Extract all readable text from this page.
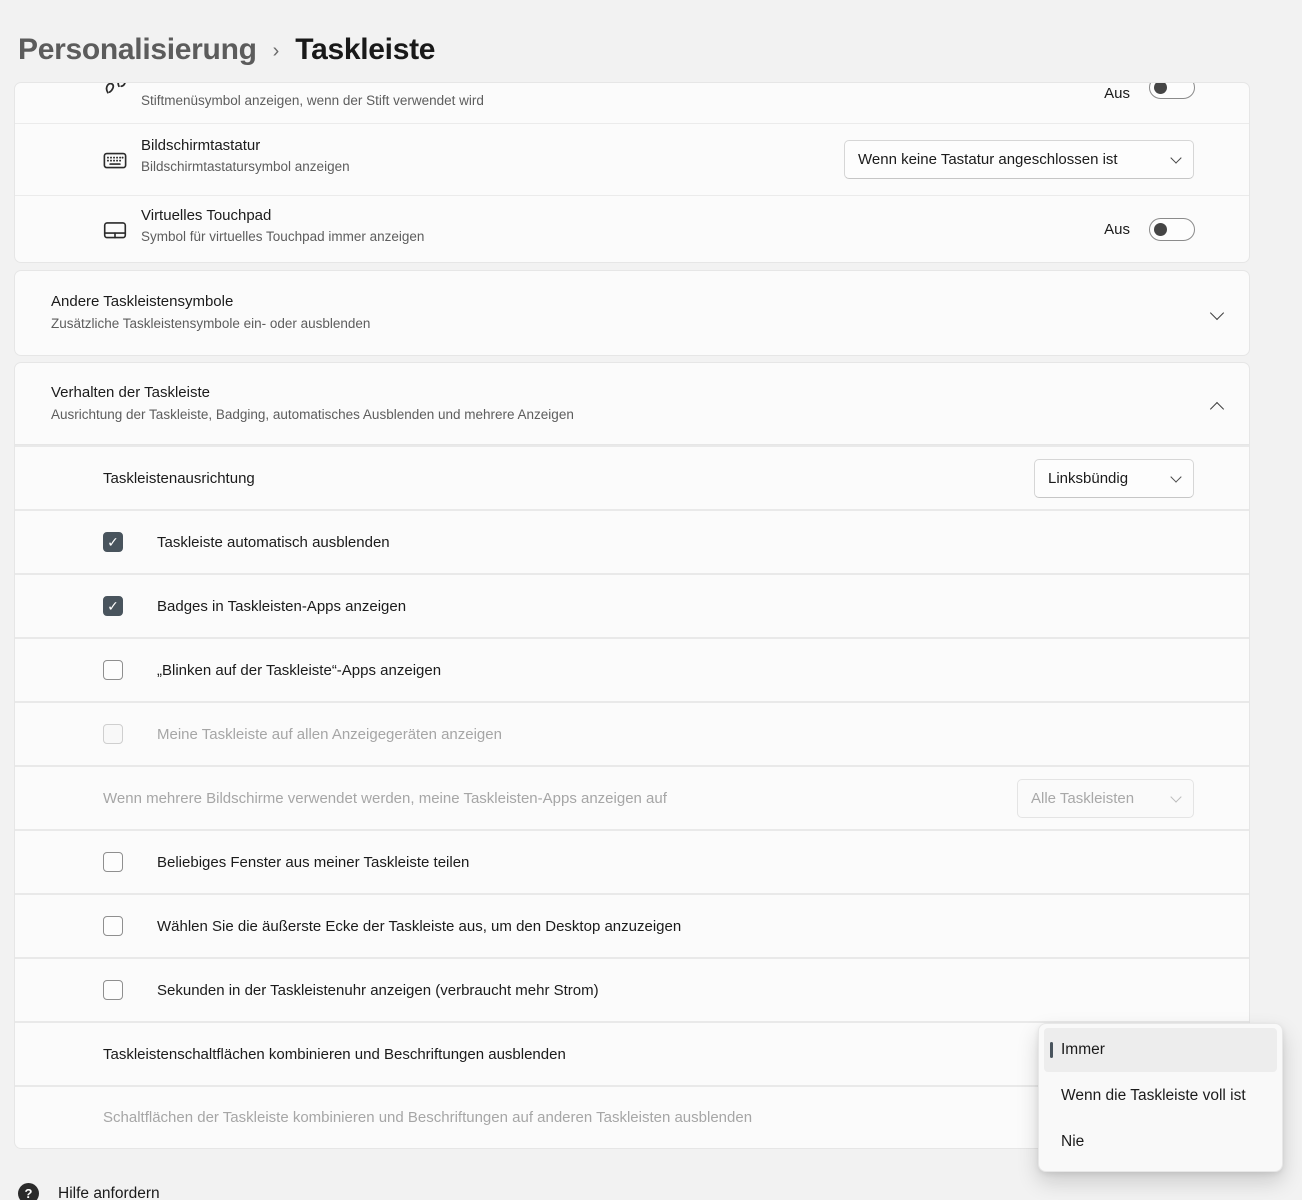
Personalisierung › Taskleiste
Stiftmenüsymbol anzeigen, wenn der Stift verwendet wird	Aus
Bildschirmtastatur
Bildschirmtastatursymbol anzeigen	Wenn keine Tastatur angeschlossen ist
Virtuelles Touchpad
Symbol für virtuelles Touchpad immer anzeigen	Aus
Andere Taskleistensymbole
Zusätzliche Taskleistensymbole ein- oder ausblenden
Verhalten der Taskleiste
Ausrichtung der Taskleiste, Badging, automatisches Ausblenden und mehrere Anzeigen
Taskleistenausrichtung	Linksbündig
✓	Taskleiste automatisch ausblenden
✓	Badges in Taskleisten-Apps anzeigen
„Blinken auf der Taskleiste“-Apps anzeigen
Meine Taskleiste auf allen Anzeigegeräten anzeigen
Wenn mehrere Bildschirme verwendet werden, meine Taskleisten-Apps anzeigen auf	Alle Taskleisten
Beliebiges Fenster aus meiner Taskleiste teilen
Wählen Sie die äußerste Ecke der Taskleiste aus, um den Desktop anzuzeigen
Sekunden in der Taskleistenuhr anzeigen (verbraucht mehr Strom)
Taskleistenschaltflächen kombinieren und Beschriftungen ausblenden
Schaltflächen der Taskleiste kombinieren und Beschriftungen auf anderen Taskleisten ausblenden
Immer
Wenn die Taskleiste voll ist
Nie
?	Hilfe anfordern
